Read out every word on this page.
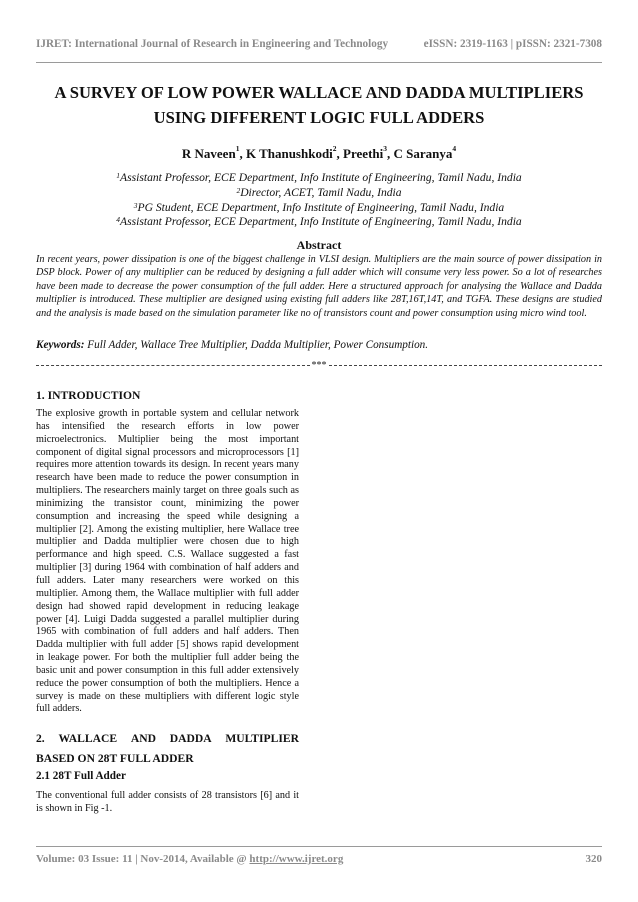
IJRET: International Journal of Research in Engineering and Technology	eISSN: 2319-1163 | pISSN: 2321-7308
A SURVEY OF LOW POWER WALLACE AND DADDA MULTIPLIERS
USING DIFFERENT LOGIC FULL ADDERS
R Naveen$^1$, K Thanushkodi$^2$, Preethi$^3$, C Saranya$^4$
$^1$Assistant Professor, ECE Department, Info Institute of Engineering, Tamil Nadu, India
$^2$Director, ACET, Tamil Nadu, India
$^3$PG Student, ECE Department, Info Institute of Engineering, Tamil Nadu, India
$^4$Assistant Professor, ECE Department, Info Institute of Engineering, Tamil Nadu, India
Abstract
In recent years, power dissipation is one of the biggest challenge in VLSI design. Multipliers are the main source of power dissipation in DSP block. Power of any multiplier can be reduced by designing a full adder which will consume very less power. So a lot of researches have been made to decrease the power consumption of the full adder. Here a structured approach for analysing the Wallace and Dadda multiplier is introduced. These multiplier are designed using existing full adders like 28T,16T,14T, and TGFA. These designs are studied and the analysis is made based on the simulation parameter like no of transistors count and power consumption using micro wind tool.
Keywords: Full Adder, Wallace Tree Multiplier, Dadda Multiplier, Power Consumption.
***
1. INTRODUCTION
The explosive growth in portable system and cellular network has intensified the research efforts in low power microelectronics. Multiplier being the most important component of digital signal processors and microprocessors [1] requires more attention towards its design. In recent years many research have been made to reduce the power consumption in multipliers. The researchers mainly target on three goals such as minimizing the transistor count, minimizing the power consumption and increasing the speed while designing a multiplier [2]. Among the existing multiplier, here Wallace tree multiplier and Dadda multiplier were chosen due to high performance and high speed. C.S. Wallace suggested a fast multiplier [3] during 1964 with combination of half adders and full adders. Later many researchers were worked on this multiplier. Among them, the Wallace multiplier with full adder design had showed rapid development in reducing leakage power [4]. Luigi Dadda suggested a parallel multiplier during 1965 with combination of full adders and half adders. Then Dadda multiplier with full adder [5] shows rapid development in leakage power. For both the multiplier full adder being the basic unit and power consumption in this full adder extensively reduce the power consumption of both the multipliers. Hence a survey is made on these multipliers with different logic style full adders.
2. WALLACE AND DADDA MULTIPLIER
BASED ON 28T FULL ADDER
2.1 28T Full Adder
The conventional full adder consists of 28 transistors [6] and it is shown in Fig -1.
Volume: 03 Issue: 11 | Nov-2014, Available @ http://www.ijret.org	320
